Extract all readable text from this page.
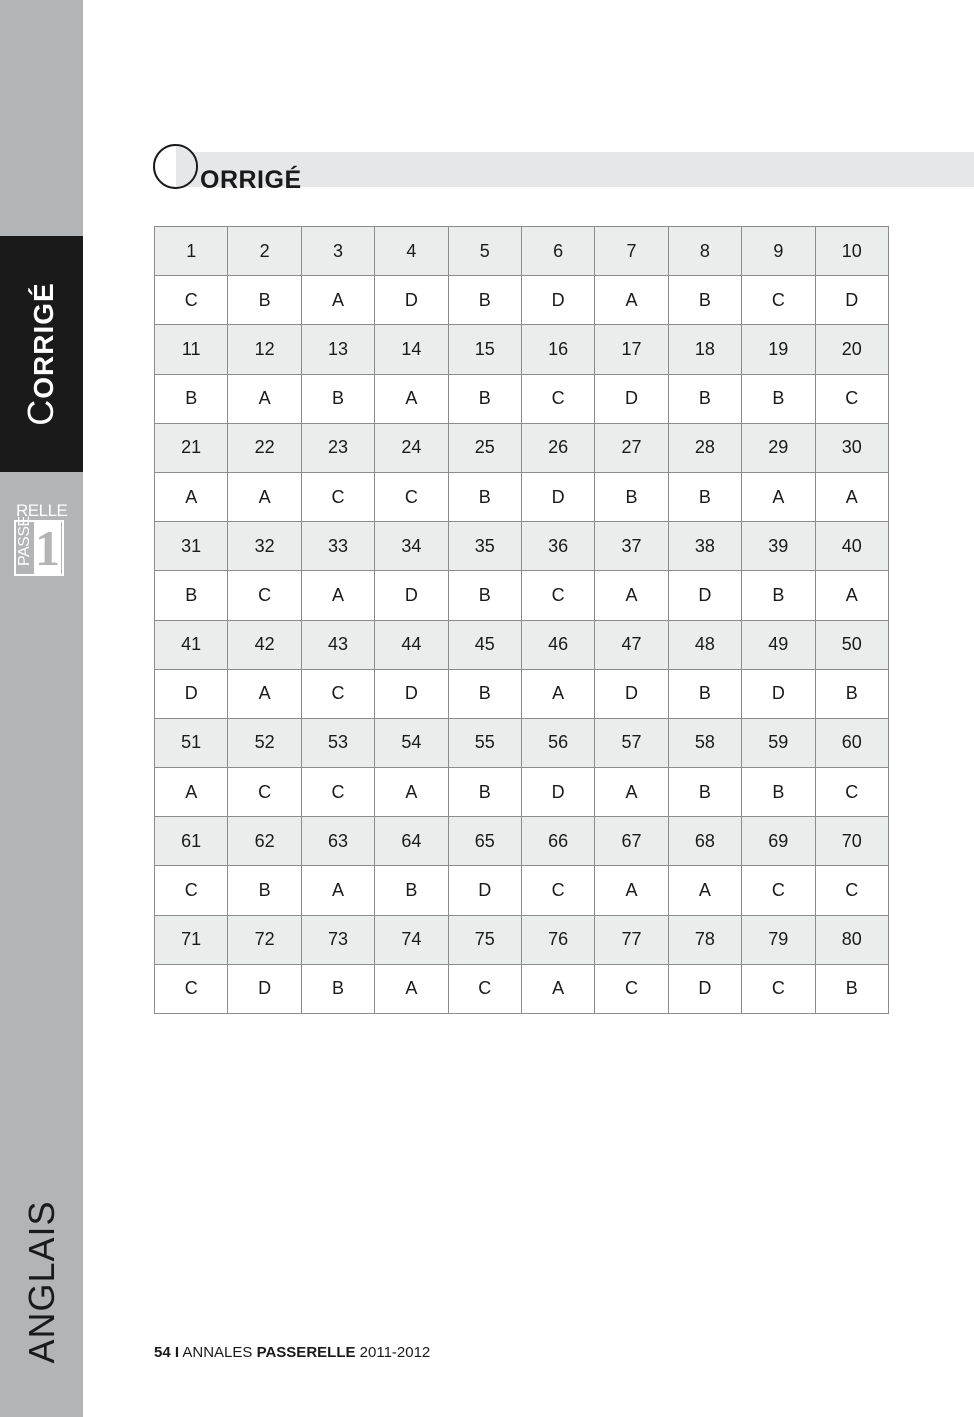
CORRIGÉ
RELLE
PASSE 1
ANGLAIS
ORRIGÉ
1	2	3	4	5	6	7	8	9	10
C	B	A	D	B	D	A	B	C	D
11	12	13	14	15	16	17	18	19	20
B	A	B	A	B	C	D	B	B	C
21	22	23	24	25	26	27	28	29	30
A	A	C	C	B	D	B	B	A	A
31	32	33	34	35	36	37	38	39	40
B	C	A	D	B	C	A	D	B	A
41	42	43	44	45	46	47	48	49	50
D	A	C	D	B	A	D	B	D	B
51	52	53	54	55	56	57	58	59	60
A	C	C	A	B	D	A	B	B	C
61	62	63	64	65	66	67	68	69	70
C	B	A	B	D	C	A	A	C	C
71	72	73	74	75	76	77	78	79	80
C	D	B	A	C	A	C	D	C	B
54 I ANNALES PASSERELLE 2011-2012
